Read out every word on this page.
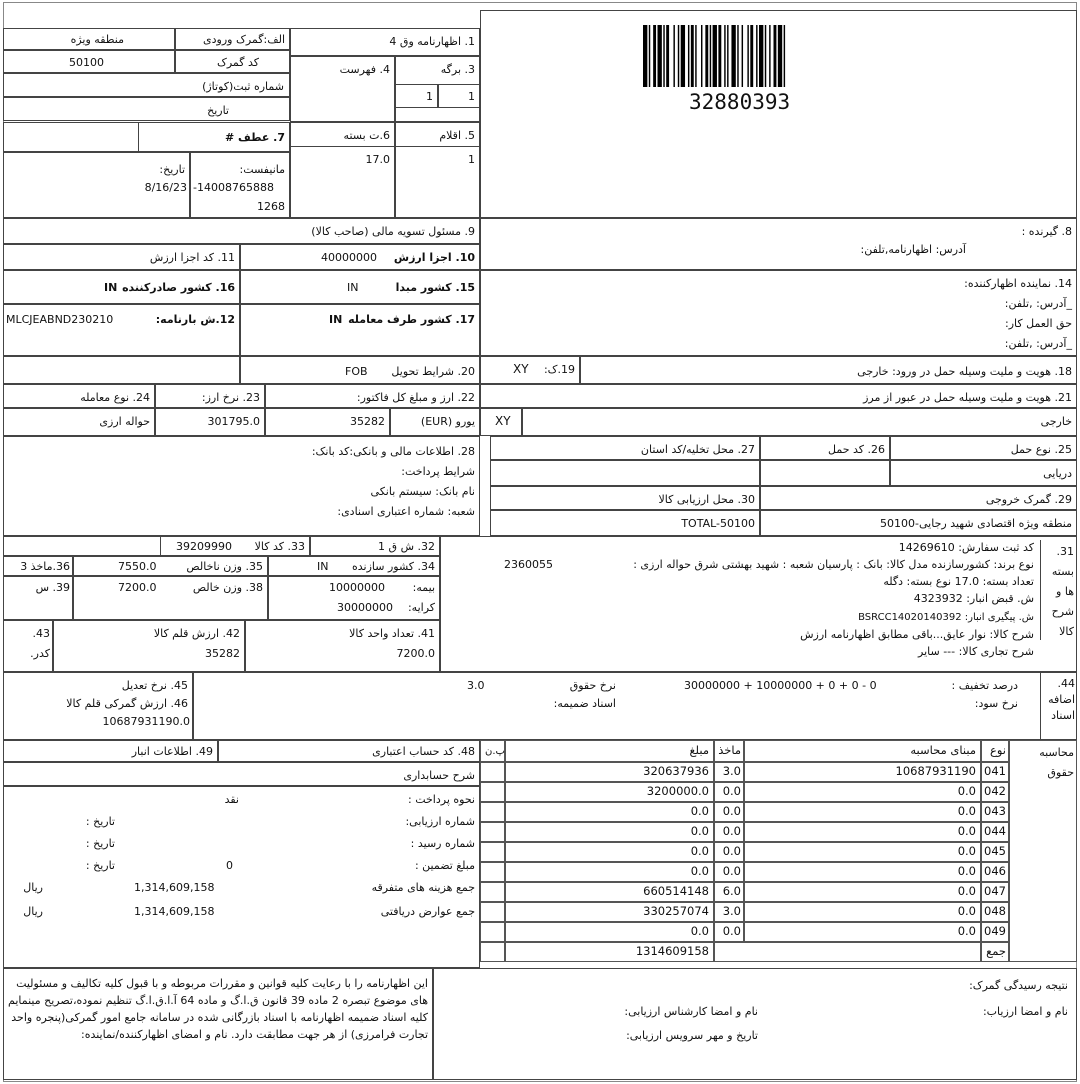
منطقه ویژه	الف:گمرک ورودی
50100	کد گمرک
شماره ثبت(کوتاژ)
تاریخ
1. اظهارنامه وق 4
4. فهرست	3. برگه
1	1
7. عطف #
مانیفست:
-14008765888
1268
تاریخ:
8/16/23
6.ت بسته
17.0
5. اقلام
1
32880393
9. مسئول تسویه مالی (صاحب کالا)	8. گیرنده :
آدرس: اظهارنامه,تلفن:
11. کد اجزا ارزش	10. اجزا ارزش
40000000
16. کشور صادرکننده
IN	15. کشور مبدا
IN
12.ش بارنامه:
MLCJEABND230210	17. کشور طرف معامله
IN
14. نماینده اظهارکننده:
_آدرس: ,تلفن:
حق العمل کار:
_آدرس: ,تلفن:
20. شرایط تحویل
FOB	19.ک:
XY	18. هویت و ملیت وسیله حمل در ورود: خارجی
24. نوع معامله
حواله ارزی
23. نرخ ارز:
301795.0
22. ارز و مبلغ کل فاکتور:
یورو (EUR)
35282
21. هویت و ملیت وسیله حمل در عبور از مرز
XY	خارجی
28. اطلاعات مالی و بانکی:کد بانک:
شرایط پرداخت:
نام بانک: سیستم بانکی
شعبه: شماره اعتباری اسنادی:
25. نوع حمل
26. کد حمل
27. محل تخلیه/کد استان
دریایی
29. گمرک خروجی
30. محل ارزیابی کالا
منطقه ویژه اقتصادی شهید رجایی-50100
TOTAL-50100
33. کد کالا
39209990	32. ش ق 1
36.ماخذ 3	35. وزن ناخالص
7550.0	34. کشور سازنده
IN
39. س	38. وزن خالص
7200.0	بیمه:
10000000
کرایه:
30000000
43.
کدر.
42. ارزش قلم کالا
35282
41. تعداد واحد کالا
7200.0
کد ثبت سفارش: 14269610
نوع برند: کشورسازنده مدل کالا: بانک : پارسیان شعبه : شهید بهشتی شرق حواله ارزی :
2360055
تعداد بسته: 17.0 نوع بسته: دگله
ش. قبض انبار: 4323932
ش. پیگیری انبار: BSRCC14020140392
شرح کالا: نوار عایق...باقی مطابق اظهارنامه ارزش
شرح تجاری کالا: --- سایر
31. بسته ها و شرح کالا
45. نرخ تعدیل
46. ارزش گمرکی قلم کالا
10687931190.0
درصد تخفیف :
30000000 + 10000000 + 0 + 0 - 0
نرخ سود:
نرخ حقوق
3.0
اسناد ضمیمه:
44. اضافه اسناد
49. اطلاعات انبار	48. کد حساب اعتباری
شرح حسابداری
نحوه پرداخت :
نقد
شماره ارزیابی:
تاریخ :
شماره رسید :
تاریخ :
مبلغ تضمین :
0
تاریخ :
جمع هزینه های متفرقه
1,314,609,158
ریال
جمع عوارض دریافتی
1,314,609,158
ریال
پ.ن	مبلغ ماخذ	مبنای محاسبه	نوع
320637936	3.0	10687931190 041
3200000.0	0.0	0.0 042
0.0	0.0	0.0 043
0.0	0.0	0.0 044
0.0	0.0	0.0 045
0.0	0.0	0.0 046
660514148	6.0	0.0 047
330257074	3.0	0.0 048
0.0	0.0	0.0 049
1314609158	جمع
محاسبه حقوق
این اظهارنامه را با رعایت کلیه قوانین و مقررات مربوطه و با قبول کلیه تکالیف و مسئولیت های موضوع تبصره 2 ماده 39 قانون ق.ا.گ و ماده 64 آ.ا.ق.ا.گ تنظیم نموده،تصریح مینمایم کلیه اسناد ضمیمه اظهارنامه با اسناد بازرگانی شده در سامانه جامع امور گمرکی(پنجره واحد تجارت فرامرزی) از هر جهت مطابقت دارد. نام و امضای اظهارکننده/نماینده:
نتیجه رسیدگی گمرک:
نام و امضا ارزیاب:
نام و امضا کارشناس ارزیابی:
تاریخ و مهر سرویس ارزیابی:
